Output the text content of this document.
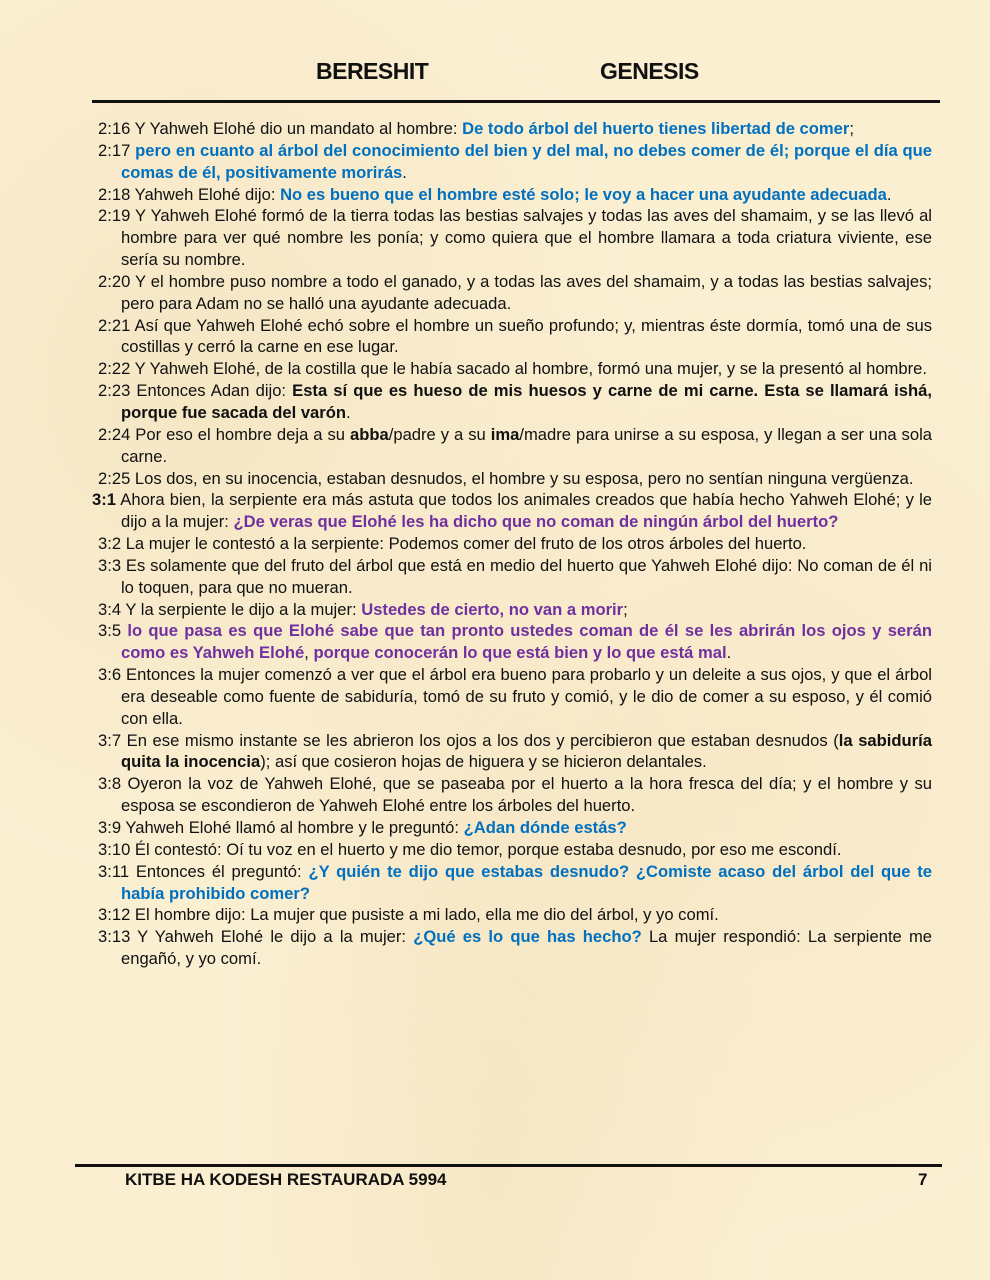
BERESHIT	GENESIS

2:16 Y Yahweh Elohé dio un mandato al hombre: De todo árbol del huerto tienes libertad de comer;

2:17 pero en cuanto al árbol del conocimiento del bien y del mal, no debes comer de él; porque el día que comas de él, positivamente morirás.

2:18 Yahweh Elohé dijo: No es bueno que el hombre esté solo; le voy a hacer una ayudante adecuada.

2:19 Y Yahweh Elohé formó de la tierra todas las bestias salvajes y todas las aves del shamaim, y se las llevó al hombre para ver qué nombre les ponía; y como quiera que el hombre llamara a toda criatura viviente, ese sería su nombre.

2:20 Y el hombre puso nombre a todo el ganado, y a todas las aves del shamaim, y a todas las bestias salvajes; pero para Adam no se halló una ayudante adecuada.

2:21 Así que Yahweh Elohé echó sobre el hombre un sueño profundo; y, mientras éste dormía, tomó una de sus costillas y cerró la carne en ese lugar.

2:22 Y Yahweh Elohé, de la costilla que le había sacado al hombre, formó una mujer, y se la presentó al hombre.

2:23 Entonces Adan dijo: Esta sí que es hueso de mis huesos y carne de mi carne. Esta se llamará ishá, porque fue sacada del varón.

2:24 Por eso el hombre deja a su abba/padre y a su ima/madre para unirse a su esposa, y llegan a ser una sola carne.

2:25 Los dos, en su inocencia, estaban desnudos, el hombre y su esposa, pero no sentían ninguna vergüenza.

3:1 Ahora bien, la serpiente era más astuta que todos los animales creados que había hecho Yahweh Elohé; y le dijo a la mujer: ¿De veras que Elohé les ha dicho que no coman de ningún árbol del huerto?

3:2 La mujer le contestó a la serpiente: Podemos comer del fruto de los otros árboles del huerto.

3:3 Es solamente que del fruto del árbol que está en medio del huerto que Yahweh Elohé dijo: No coman de él ni lo toquen, para que no mueran.

3:4 Y la serpiente le dijo a la mujer: Ustedes de cierto, no van a morir;

3:5 lo que pasa es que Elohé sabe que tan pronto ustedes coman de él se les abrirán los ojos y serán como es Yahweh Elohé, porque conocerán lo que está bien y lo que está mal.

3:6 Entonces la mujer comenzó a ver que el árbol era bueno para probarlo y un deleite a sus ojos, y que el árbol era deseable como fuente de sabiduría, tomó de su fruto y comió, y le dio de comer a su esposo, y él comió con ella.

3:7 En ese mismo instante se les abrieron los ojos a los dos y percibieron que estaban desnudos (la sabiduría quita la inocencia); así que cosieron hojas de higuera y se hicieron delantales.

3:8 Oyeron la voz de Yahweh Elohé, que se paseaba por el huerto a la hora fresca del día; y el hombre y su esposa se escondieron de Yahweh Elohé entre los árboles del huerto.

3:9 Yahweh Elohé llamó al hombre y le preguntó: ¿Adan dónde estás?

3:10 Él contestó: Oí tu voz en el huerto y me dio temor, porque estaba desnudo, por eso me escondí.

3:11 Entonces él preguntó: ¿Y quién te dijo que estabas desnudo? ¿Comiste acaso del árbol del que te había prohibido comer?

3:12 El hombre dijo: La mujer que pusiste a mi lado, ella me dio del árbol, y yo comí.

3:13 Y Yahweh Elohé le dijo a la mujer: ¿Qué es lo que has hecho? La mujer respondió: La serpiente me engañó, y yo comí.

KITBE HA KODESH RESTAURADA 5994	7
